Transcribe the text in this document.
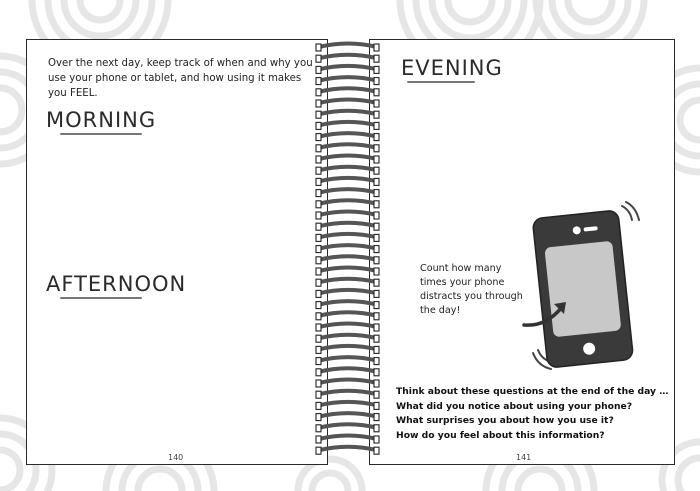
Over the next day, keep track of when and why you use your phone or tablet, and how using it makes you FEEL.
MORNING
AFTERNOON
140
EVENING
Count how many times your phone distracts you through the day!
Think about these questions at the end of the day …
What did you notice about using your phone?
What surprises you about how you use it?
How do you feel about this information?
141
